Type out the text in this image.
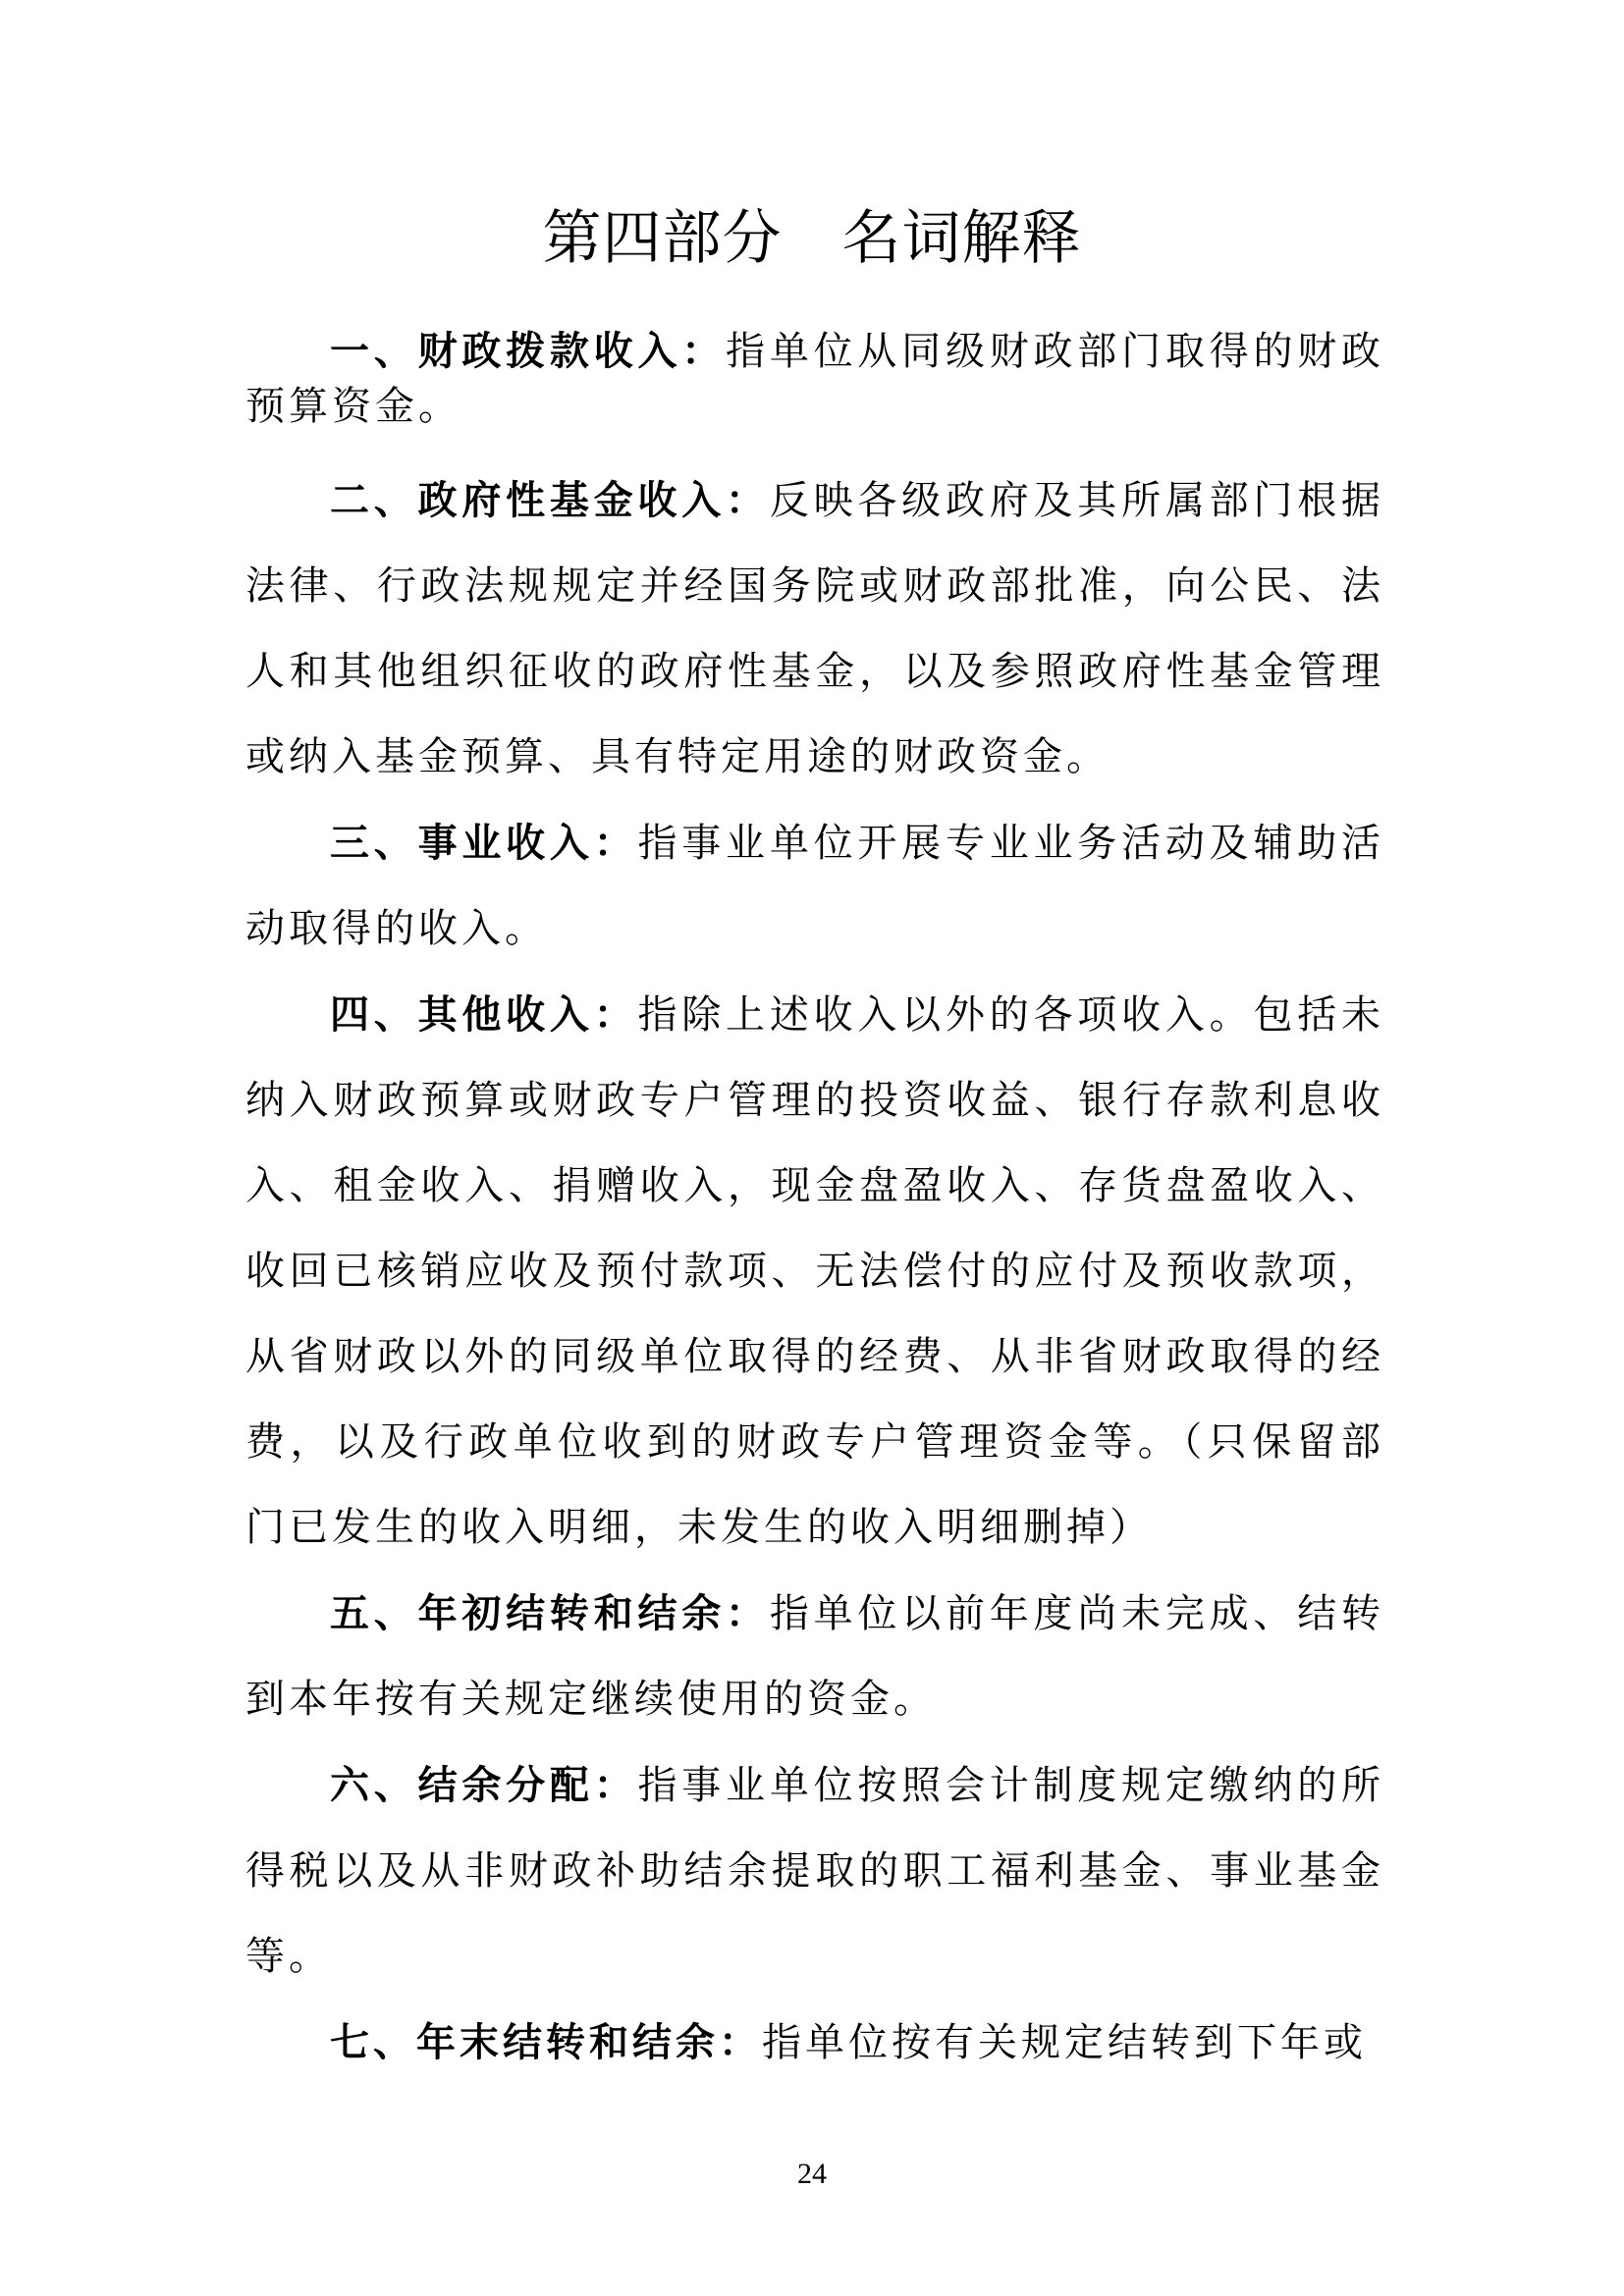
第四部分　名词解释

一、财政拨款收入：指单位从同级财政部门取得的财政预算资金。

二、政府性基金收入：反映各级政府及其所属部门根据法律、行政法规规定并经国务院或财政部批准，向公民、法人和其他组织征收的政府性基金，以及参照政府性基金管理或纳入基金预算、具有特定用途的财政资金。

三、事业收入：指事业单位开展专业业务活动及辅助活动取得的收入。

四、其他收入：指除上述收入以外的各项收入。包括未纳入财政预算或财政专户管理的投资收益、银行存款利息收入、租金收入、捐赠收入，现金盘盈收入、存货盘盈收入、收回已核销应收及预付款项、无法偿付的应付及预收款项，从省财政以外的同级单位取得的经费、从非省财政取得的经费，以及行政单位收到的财政专户管理资金等。（只保留部门已发生的收入明细，未发生的收入明细删掉）

五、年初结转和结余：指单位以前年度尚未完成、结转到本年按有关规定继续使用的资金。

六、结余分配：指事业单位按照会计制度规定缴纳的所得税以及从非财政补助结余提取的职工福利基金、事业基金等。

七、年末结转和结余：指单位按有关规定结转到下年或

24
